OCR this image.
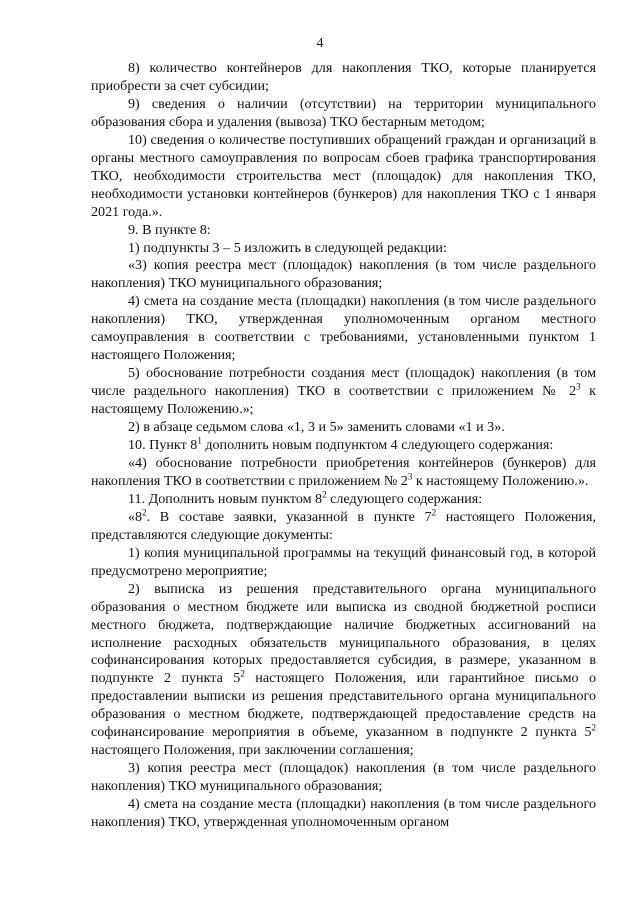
4

8) количество контейнеров для накопления ТКО, которые планируется приобрести за счет субсидии;

9) сведения о наличии (отсутствии) на территории муниципального образования сбора и удаления (вывоза) ТКО бестарным методом;

10) сведения о количестве поступивших обращений граждан и организаций в органы местного самоуправления по вопросам сбоев графика транспортирования ТКО, необходимости строительства мест (площадок) для накопления ТКО, необходимости установки контейнеров (бункеров) для накопления ТКО с 1 января 2021 года.».

9. В пункте 8:

1) подпункты 3 – 5 изложить в следующей редакции:

«3) копия реестра мест (площадок) накопления (в том числе раздельного накопления) ТКО муниципального образования;

4) смета на создание места (площадки) накопления (в том числе раздельного накопления) ТКО, утвержденная уполномоченным органом местного самоуправления в соответствии с требованиями, установленными пунктом 1 настоящего Положения;

5) обоснование потребности создания мест (площадок) накопления (в том числе раздельного накопления) ТКО в соответствии с приложением № $2^3$ к настоящему Положению.»;

2) в абзаце седьмом слова «1, 3 и 5» заменить словами «1 и 3».

10. Пункт $8^1$ дополнить новым подпунктом 4 следующего содержания:

«4) обоснование потребности приобретения контейнеров (бункеров) для накопления ТКО в соответствии с приложением № $2^3$ к настоящему Положению.».

11. Дополнить новым пунктом $8^2$ следующего содержания:

«$8^2$. В составе заявки, указанной в пункте $7^2$ настоящего Положения, представляются следующие документы:

1) копия муниципальной программы на текущий финансовый год, в которой предусмотрено мероприятие;

2) выписка из решения представительного органа муниципального образования о местном бюджете или выписка из сводной бюджетной росписи местного бюджета, подтверждающие наличие бюджетных ассигнований на исполнение расходных обязательств муниципального образования, в целях софинансирования которых предоставляется субсидия, в размере, указанном в подпункте 2 пункта $5^2$ настоящего Положения, или гарантийное письмо о предоставлении выписки из решения представительного органа муниципального образования о местном бюджете, подтверждающей предоставление средств на софинансирование мероприятия в объеме, указанном в подпункте 2 пункта $5^2$ настоящего Положения, при заключении соглашения;

3) копия реестра мест (площадок) накопления (в том числе раздельного накопления) ТКО муниципального образования;

4) смета на создание места (площадки) накопления (в том числе раздельного накопления) ТКО, утвержденная уполномоченным органом
